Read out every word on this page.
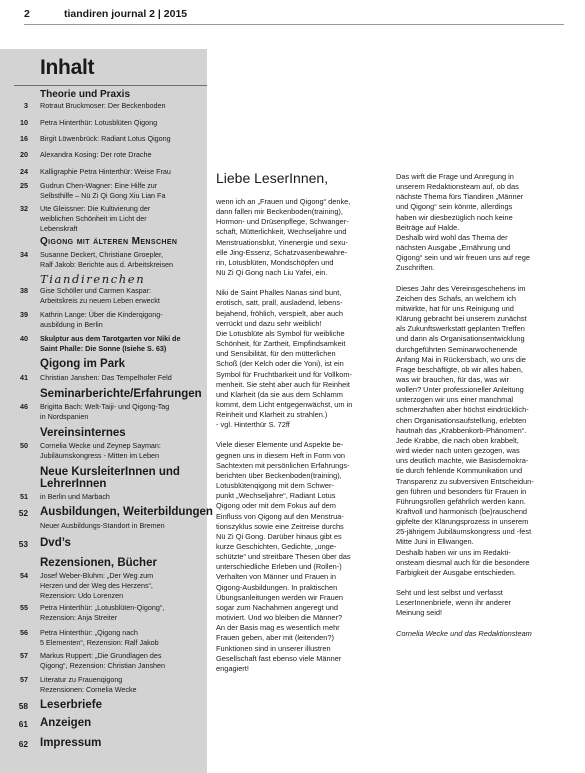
2	tiandiren journal 2 | 2015
Inhalt
Theorie und Praxis
Qigong mit älteren Menschen
Tiandirenchen
Qigong im Park
Seminarberichte/Erfahrungen
Vereinsinternes
Neue KursleiterInnen und
LehrerInnen
52 Ausbildungen, Weiterbildungen
53 Dvd’s
Rezensionen, Bücher
58 Leserbriefe
61 Anzeigen
62 Impressum
3 Rotraut Bruckmoser: Der Beckenboden
10 Petra Hinterthür: Lotusblüten Qigong
16 Birgit Löwenbrück: Radiant Lotus Qigong
20 Alexandra Kosing: Der rote Drache
24 Kalligraphie Petra Hinterthür: Weise Frau
25 Gudrun Chen-Wagner: Eine Hilfe zur
Selbsthilfe – Nü Zi Qi Gong Xiu Lian Fa
32 Ute Gleissner: Die Kultivierung der
weiblichen Schönheit im Licht der
Lebenskraft
34 Susanne Deckert, Christiane Groepler,
Ralf Jakob: Berichte aus d. Arbeitskreisen
38 Gise Schöller und Carmen Kaspar:
Arbeitskreis zu neuem Leben erweckt
39 Kathrin Lange: Über die Kinderqigong-
ausbildung in Berlin
40 Skulptur aus dem Tarotgarten vor Niki de
Saint Phalle: Die Sonne (Isiehe S. 63)
41 Christian Janshen: Das Tempelhofer Feld
46 Brigitta Bach: Welt-Taiji- und Qigong-Tag
in Nordspanien
50 Cornelia Wecke und Zeynep Sayman:
Jubiläumskongress - Mitten im Leben
51 in Berlin und Marbach
Neuer Ausbildungs-Standort in Bremen
54 Josef Weber-Bluhm: „Der Weg zum
Herzen und der Weg des Herzens“,
Rezension: Udo Lorenzen
55 Petra Hinterthür: „Lotusblüten-Qigong“,
Rezension: Anja Streiter
56 Petra Hinterthür: „Qigong nach
5 Elementen“, Rezension: Ralf Jakob
57 Markus Ruppert: „Die Grundlagen des
Qigong“, Rezension: Christian Janshen
57 Literatur zu Frauenqigong
Rezensionen: Cornelia Wecke
Liebe LeserInnen,
wenn ich an „Frauen und Qigong“ denke,
dann fallen mir Beckenboden(training),
Hormon- und Drüsenpflege, Schwanger-
schaft, Mütterlichkeit, Wechseljahre und
Menstruationsblut, Yinenergie und sexu-
elle Jing-Essenz, Schatzvasenbewahre-
rin, Lotusblüten, Mondschöpfen und
Nü Zi Qi Gong nach Liu Yafei, ein.
Niki de Saint Phalles Nanas sind bunt,
erotisch, satt, prall, ausladend, lebens-
bejahend, fröhlich, verspielt, aber auch
verrückt und dazu sehr weiblich!
Die Lotusblüte als Symbol für weibliche
Schönheit, für Zartheit, Empfindsamkeit
und Sensibilität, für den mütterlichen
Schoß (der Kelch oder die Yoni), ist ein
Symbol für Fruchtbarkeit und für Vollkom-
menheit. Sie steht aber auch für Reinheit
und Klarheit (da sie aus dem Schlamm
kommt, dem Licht entgegenwächst, um in
Reinheit und Klarheit zu strahlen.)
- vgl. Hinterthür S. 72ff
Viele dieser Elemente und Aspekte be-
gegnen uns in diesem Heft in Form von
Sachtexten mit persönlichen Erfahrungs-
berichten über Beckenboden(training),
Lotusblütenqigong mit dem Schwer-
punkt „Wechseljahre“, Radiant Lotus
Qigong oder mit dem Fokus auf dem
Einfluss von Qigong auf den Menstrua-
tionszyklus sowie eine Zeitreise durchs
Nü Zi Qi Gong. Darüber hinaus gibt es
kurze Geschichten, Gedichte, „unge-
schützte“ und streitbare Thesen über das
unterschiedliche Erleben und (Rollen-)
Verhalten von Männer und Frauen in
Qigong-Ausbildungen. In praktischen
Übungsanleitungen werden wir Frauen
sogar zum Nachahmen angeregt und
motiviert. Und wo bleiben die Männer?
An der Basis mag es wesentlich mehr
Frauen geben, aber mit (leitenden?)
Funktionen sind in unserer illustren
Gesellschaft fast ebenso viele Männer
engagiert!
Das wirft die Frage und Anregung in
unserem Redaktionsteam auf, ob das
nächste Thema fürs Tiandiren „Männer
und Qigong“ sein könnte, allerdings
haben wir diesbezüglich noch keine
Beiträge auf Halde.
Deshalb wird wohl das Thema der
nächsten Ausgabe „Ernährung und
Qigong“ sein und wir freuen uns auf rege
Zuschriften.
Dieses Jahr des Vereinsgeschehens im
Zeichen des Schafs, an welchem ich
mitwirkte, hat für uns Reinigung und
Klärung gebracht bei unserem zunächst
als Zukunftswerkstatt geplanten Treffen
und dann als Organisationsentwicklung
durchgeführten Seminarwochenende
Anfang Mai in Rückersbach, wo uns die
Frage beschäftigte, ob wir alles haben,
was wir brauchen, für das, was wir
wollen? Unter professioneller Anleitung
unterzogen wir uns einer manchmal
schmerzhaften aber höchst eindrücklich-
chen Organisationsaufstellung, erlebten
hautnah das „Krabbenkorb-Phänomen“.
Jede Krabbe, die nach oben krabbelt,
wird wieder nach unten gezogen, was
uns deutlich machte, wie Basisdemokra-
tie durch fehlende Kommunikation und
Transparenz zu subversiven Entscheidun-
gen führen und besonders für Frauen in
Führungsrollen gefährlich werden kann.
Kraftvoll und harmonisch (be)rauschend
gipfelte der Klärungsprozess in unserem
25-jährigem Jubiläumskongress und -fest
Mitte Juni in Ellwangen.
Deshalb haben wir uns im Redakti-
onsteam diesmal auch für die besondere
Farbigkeit der Ausgabe entschieden.
Seht und lest selbst und verfasst
LeserInnenbriefe, wenn ihr anderer
Meinung seid!
Cornelia Wecke und das Redaktionsteam
